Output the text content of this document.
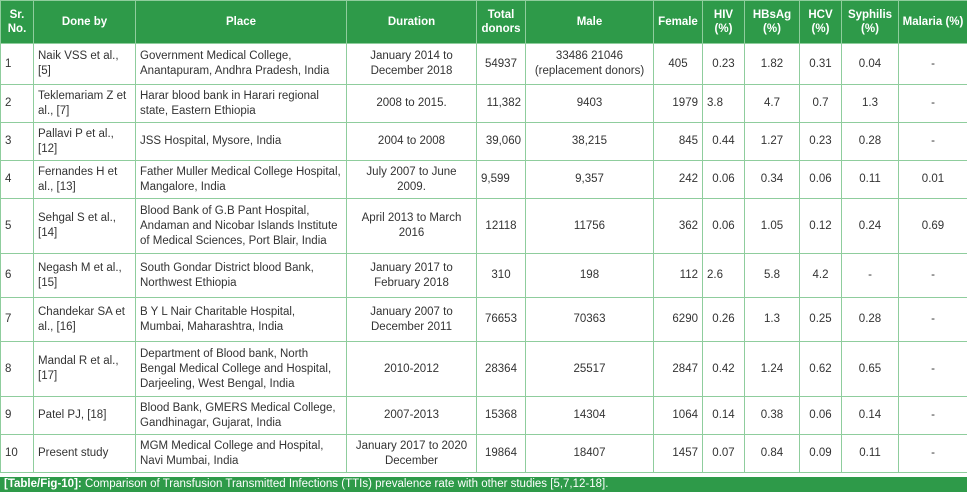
Sr. No.	Done by	Place	Duration	Total donors	Male	Female	HIV (%)	HBsAg (%)	HCV (%)	Syphilis (%)	Malaria (%)
1	Naik VSS et al., [5]	Government Medical College, Anantapuram, Andhra Pradesh, India	January 2014 to December 2018	54937	33486 21046 (replacement donors)	405	0.23	1.82	0.31	0.04	-
2	Teklemariam Z et al., [7]	Harar blood bank in Harari regional state, Eastern Ethiopia	2008 to 2015.	11,382	9403	1979	3.8	4.7	0.7	1.3	-
3	Pallavi P et al., [12]	JSS Hospital, Mysore, India	2004 to 2008	39,060	38,215	845	0.44	1.27	0.23	0.28	-
4	Fernandes H et al., [13]	Father Muller Medical College Hospital, Mangalore, India	July 2007 to June 2009.	9,599	9,357	242	0.06	0.34	0.06	0.11	0.01
5	Sehgal S et al., [14]	Blood Bank of G.B Pant Hospital, Andaman and Nicobar Islands Institute of Medical Sciences, Port Blair, India	April 2013 to March 2016	12118	11756	362	0.06	1.05	0.12	0.24	0.69
6	Negash M et al., [15]	South Gondar District blood Bank, Northwest Ethiopia	January 2017 to February 2018	310	198	112	2.6	5.8	4.2	-	-
7	Chandekar SA et al., [16]	B Y L Nair Charitable Hospital, Mumbai, Maharashtra, India	January 2007 to December 2011	76653	70363	6290	0.26	1.3	0.25	0.28	-
8	Mandal R et al., [17]	Department of Blood bank, North Bengal Medical College and Hospital, Darjeeling, West Bengal, India	2010-2012	28364	25517	2847	0.42	1.24	0.62	0.65	-
9	Patel PJ, [18]	Blood Bank, GMERS Medical College, Gandhinagar, Gujarat, India	2007-2013	15368	14304	1064	0.14	0.38	0.06	0.14	-
10	Present study	MGM Medical College and Hospital, Navi Mumbai, India	January 2017 to 2020 December	19864	18407	1457	0.07	0.84	0.09	0.11	-
[Table/Fig-10]: Comparison of Transfusion Transmitted Infections (TTIs) prevalence rate with other studies [5,7,12-18].
